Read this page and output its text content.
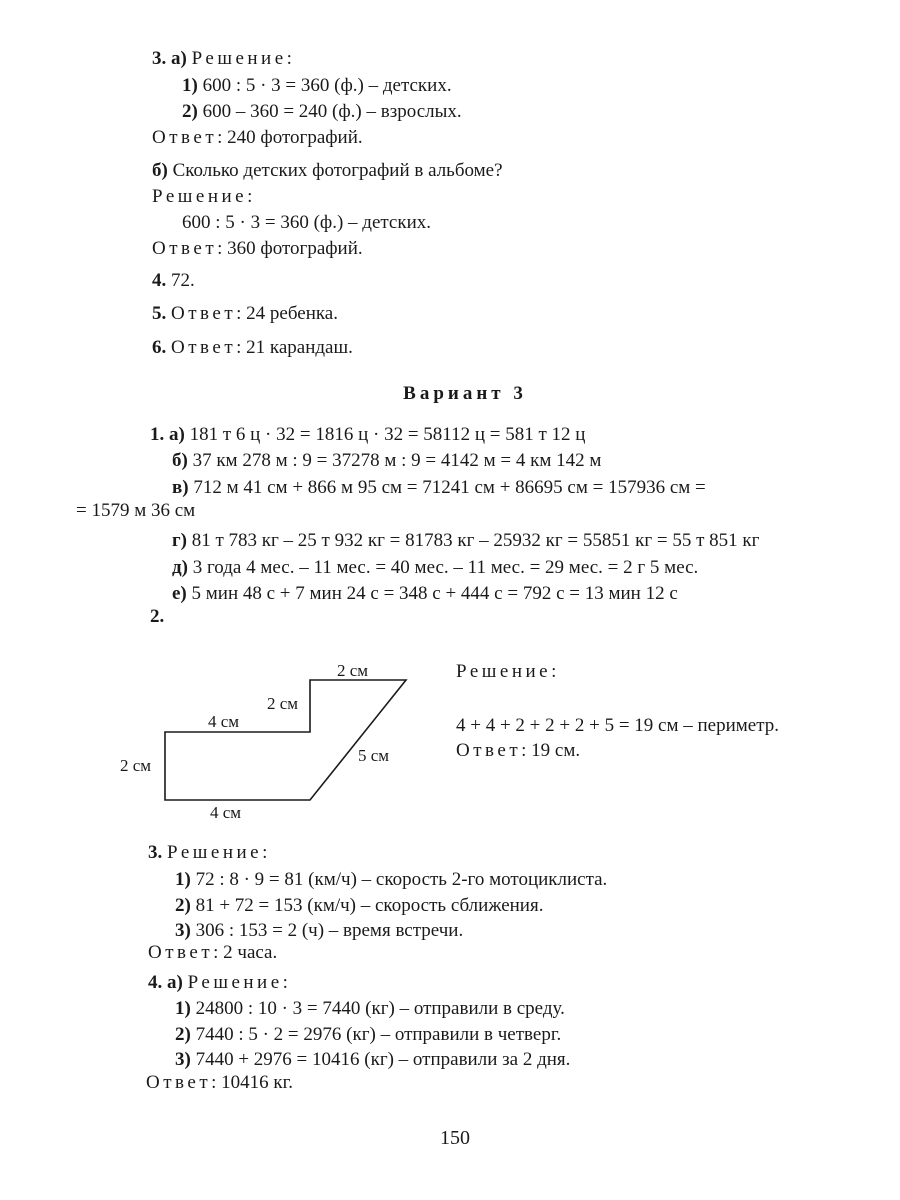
3. а) Решение:
1) 600 : 5 · 3 = 360 (ф.) – детских.
2) 600 – 360 = 240 (ф.) – взрослых.
Ответ: 240 фотографий.
б) Сколько детских фотографий в альбоме?
Решение:
600 : 5 · 3 = 360 (ф.) – детских.
Ответ: 360 фотографий.
4. 72.
5. Ответ: 24 ребенка.
6. Ответ: 21 карандаш.
Вариант 3
1. а) 181 т 6 ц · 32 = 1816 ц · 32 = 58112 ц = 581 т 12 ц
б) 37 км 278 м : 9 = 37278 м : 9 = 4142 м = 4 км 142 м
в) 712 м 41 см + 866 м 95 см = 71241 см + 86695 см = 157936 см =
= 1579 м 36 см
г) 81 т 783 кг – 25 т 932 кг = 81783 кг – 25932 кг = 55851 кг = 55 т 851 кг
д) 3 года 4 мес. – 11 мес. = 40 мес. – 11 мес. = 29 мес. = 2 г 5 мес.
е) 5 мин 48 с + 7 мин 24 с = 348 с + 444 с = 792 с = 13 мин 12 с
2.
2 см
2 см
4 см
5 см
2 см
4 см
Решение:
4 + 4 + 2 + 2 + 2 + 5 = 19 см – периметр.
Ответ: 19 см.
3. Решение:
1) 72 : 8 · 9 = 81 (км/ч) – скорость 2-го мотоциклиста.
2) 81 + 72 = 153 (км/ч) – скорость сближения.
3) 306 : 153 = 2 (ч) – время встречи.
Ответ: 2 часа.
4. а) Решение:
1) 24800 : 10 · 3 = 7440 (кг) – отправили в среду.
2) 7440 : 5 · 2 = 2976 (кг) – отправили в четверг.
3) 7440 + 2976 = 10416 (кг) – отправили за 2 дня.
Ответ: 10416 кг.
150
